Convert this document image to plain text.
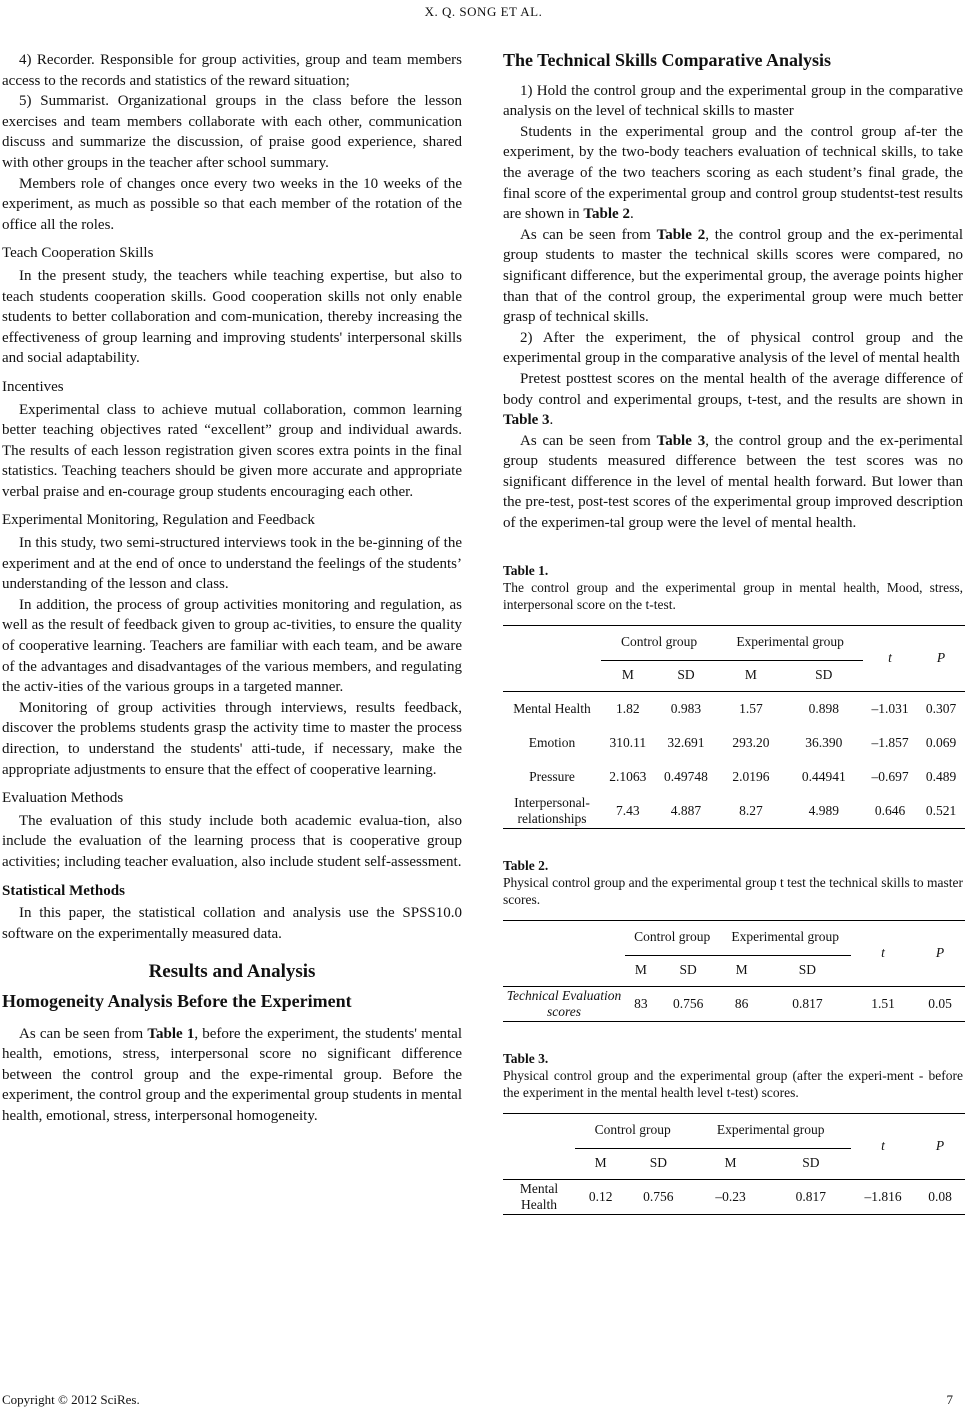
X. Q. SONG ET AL.

4) Recorder. Responsible for group activities, group and team members access to the records and statistics of the reward situation;

5) Summarist. Organizational groups in the class before the lesson exercises and team members collaborate with each other, communication discuss and summarize the discussion, of praise good experience, shared with other groups in the teacher after school summary.

Members role of changes once every two weeks in the 10 weeks of the experiment, as much as possible so that each member of the rotation of the office all the roles.

Teach Cooperation Skills

In the present study, the teachers while teaching expertise, but also to teach students cooperation skills. Good cooperation skills not only enable students to better collaboration and com-munication, thereby increasing the effectiveness of group learning and improving students' interpersonal skills and social adaptability.

Incentives

Experimental class to achieve mutual collaboration, common learning better teaching objectives rated “excellent” group and individual awards. The results of each lesson registration given scores extra points in the final statistics. Teaching teachers should be given more accurate and appropriate verbal praise and en-courage group students encouraging each other.

Experimental Monitoring, Regulation and Feedback

In this study, two semi-structured interviews took in the be-ginning of the experiment and at the end of once to understand the feelings of the students’ understanding of the lesson and class.

In addition, the process of group activities monitoring and regulation, as well as the result of feedback given to group ac-tivities, to ensure the quality of cooperative learning. Teachers are familiar with each team, and be aware of the advantages and disadvantages of the various members, and regulating the activ-ities of the various groups in a targeted manner.

Monitoring of group activities through interviews, results feedback, discover the problems students grasp the activity time to master the process direction, to understand the students' atti-tude, if necessary, make the appropriate adjustments to ensure that the effect of cooperative learning.

Evaluation Methods

The evaluation of this study include both academic evalua-tion, also include the evaluation of the learning process that is cooperative group activities; including teacher evaluation, also include student self-assessment.

Statistical Methods

In this paper, the statistical collation and analysis use the SPSS10.0 software on the experimentally measured data.

Results and Analysis
Homogeneity Analysis Before the Experiment

As can be seen from Table 1, before the experiment, the students' mental health, emotions, stress, interpersonal score no significant difference between the control group and the expe-rimental group. Before the experiment, the control group and the experimental group students in mental health, emotional, stress, interpersonal homogeneity.

The Technical Skills Comparative Analysis

1) Hold the control group and the experimental group in the comparative analysis on the level of technical skills to master

Students in the experimental group and the control group af-ter the experiment, by the two-body teachers evaluation of technical skills, to take the average of the two teachers scoring as each student’s final grade, the final score of the experimental group and control group studentst-test results are shown in Table 2.

As can be seen from Table 2, the control group and the ex-perimental group students to master the technical skills scores were compared, no significant difference, but the experimental group, the average points higher than that of the control group, the experimental group were much better grasp of technical skills.

2) After the experiment, the of physical control group and the experimental group in the comparative analysis of the level of mental health

Pretest posttest scores on the mental health of the average difference of body control and experimental groups, t-test, and the results are shown in Table 3.

As can be seen from Table 3, the control group and the ex-perimental group students measured difference between the test scores was no significant difference in the level of mental health forward. But lower than the pre-test, post-test scores of the experimental group improved description of the experimen-tal group were the level of mental health.

Table 1.
The control group and the experimental group in mental health, Mood, stress, interpersonal score on the t-test.
	Control group		Experimental group		t	P
	M	SD	M	SD		
Mental Health	1.82	0.983	1.57	0.898	–1.031	0.307
Emotion	310.11	32.691	293.20	36.390	–1.857	0.069
Pressure	2.1063	0.49748	2.0196	0.44941	–0.697	0.489
Interpersonal-relationships	7.43	4.887	8.27	4.989	0.646	0.521
Table 2.
Physical control group and the experimental group t test the technical skills to master scores.
	Control group		Experimental group		t	P
	M	SD	M	SD		
Technical Evaluation scores	83	0.756	86	0.817	1.51	0.05
Table 3.
Physical control group and the experimental group (after the experi-ment - before the experiment in the mental health level t-test) scores.
	Control group		Experimental group		t	P
	M	SD	M	SD		
Mental Health	0.12	0.756	–0.23	0.817	–1.816	0.08
Copyright © 2012 SciRes.	7
